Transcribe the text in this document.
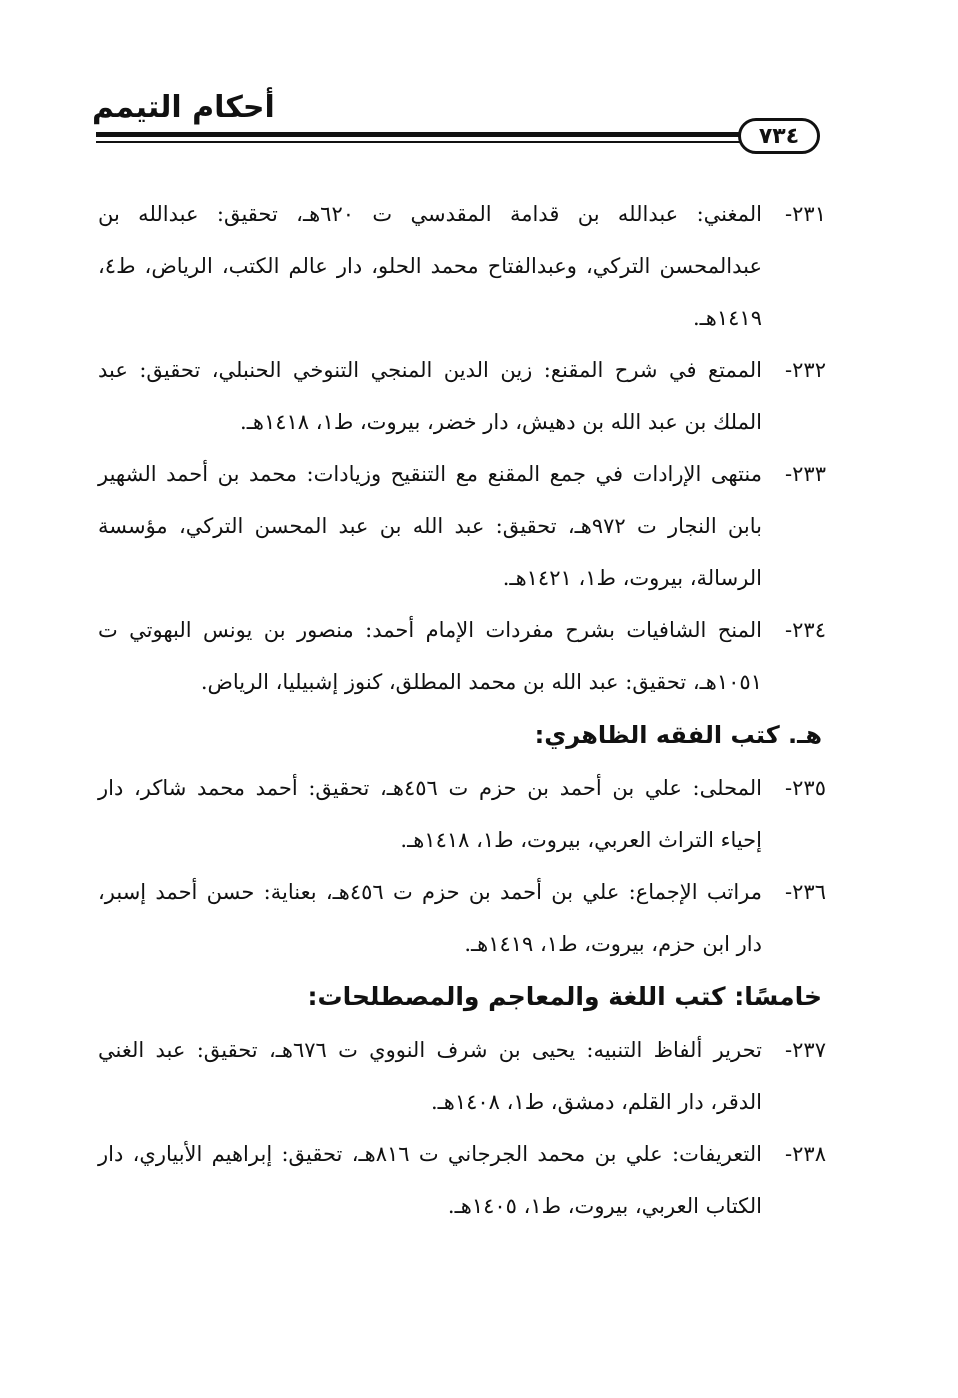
أحكام التيمم
٧٣٤

٢٣١-
المغني: عبدالله بن قدامة المقدسي ت ٦٢٠هـ، تحقيق: عبدالله بن عبدالمحسن التركي، وعبدالفتاح محمد الحلو، دار عالم الكتب، الرياض، ط٤، ١٤١٩هـ.

٢٣٢-
الممتع في شرح المقنع: زين الدين المنجي التنوخي الحنبلي، تحقيق: عبد الملك بن عبد الله بن دهيش، دار خضر، بيروت، ط١، ١٤١٨هـ.

٢٣٣-
منتهى الإرادات في جمع المقنع مع التنقيح وزيادات: محمد بن أحمد الشهير بابن النجار ت ٩٧٢هـ، تحقيق: عبد الله بن عبد المحسن التركي، مؤسسة الرسالة، بيروت، ط١، ١٤٢١هـ.

٢٣٤-
المنح الشافيات بشرح مفردات الإمام أحمد: منصور بن يونس البهوتي ت ١٠٥١هـ، تحقيق: عبد الله بن محمد المطلق، كنوز إشبيليا، الرياض.

هـ. كتب الفقه الظاهري:

٢٣٥-
المحلى: علي بن أحمد بن حزم ت ٤٥٦هـ، تحقيق: أحمد محمد شاكر، دار إحياء التراث العربي، بيروت، ط١، ١٤١٨هـ.

٢٣٦-
مراتب الإجماع: علي بن أحمد بن حزم ت ٤٥٦هـ، بعناية: حسن أحمد إسبر، دار ابن حزم، بيروت، ط١، ١٤١٩هـ.

خامسًا: كتب اللغة والمعاجم والمصطلحات:

٢٣٧-
تحرير ألفاظ التنبيه: يحيى بن شرف النووي ت ٦٧٦هـ، تحقيق: عبد الغني الدقر، دار القلم، دمشق، ط١، ١٤٠٨هـ.

٢٣٨-
التعريفات: علي بن محمد الجرجاني ت ٨١٦هـ، تحقيق: إبراهيم الأبياري، دار الكتاب العربي، بيروت، ط١، ١٤٠٥هـ.
